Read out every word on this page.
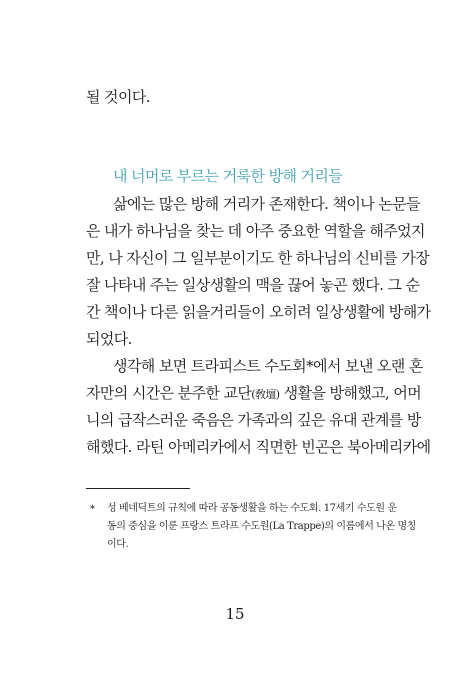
될 것이다.
내 너머로 부르는 거룩한 방해 거리들
삶에는 많은 방해 거리가 존재한다. 책이나 논문들
은 내가 하나님을 찾는 데 아주 중요한 역할을 해주었지
만, 나 자신이 그 일부분이기도 한 하나님의 신비를 가장
잘 나타내 주는 일상생활의 맥을 끊어 놓곤 했다. 그 순
간 책이나 다른 읽을거리들이 오히려 일상생활에 방해가
되었다.
생각해 보면 트라피스트 수도회*에서 보낸 오랜 혼
자만의 시간은 분주한 교단(敎壇) 생활을 방해했고, 어머
니의 급작스러운 죽음은 가족과의 깊은 유대 관계를 방
해했다. 라틴 아메리카에서 직면한 빈곤은 북아메리카에
* 성 베네딕트의 규칙에 따라 공동생활을 하는 수도회. 17세기 수도원 운
동의 중심을 이룬 프랑스 트라프 수도원(La Trappe)의 이름에서 나온 명칭
이다.
15
